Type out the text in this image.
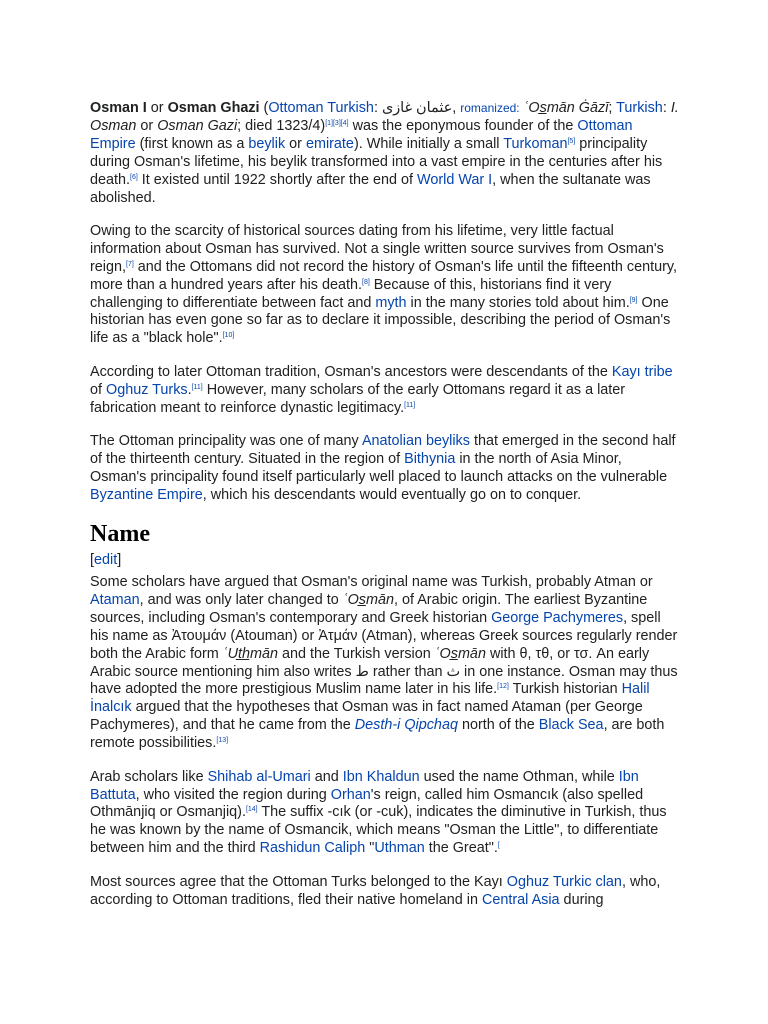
Osman I or Osman Ghazi (Ottoman Turkish: عثمان غازی, romanized: ʿOs̲mān Ġāzī; Turkish: I. Osman or Osman Gazi; died 1323/4)[1][3][4] was the eponymous founder of the Ottoman Empire (first known as a beylik or emirate). While initially a small Turkoman[5] principality during Osman's lifetime, his beylik transformed into a vast empire in the centuries after his death.[6] It existed until 1922 shortly after the end of World War I, when the sultanate was abolished.

Owing to the scarcity of historical sources dating from his lifetime, very little factual information about Osman has survived. Not a single written source survives from Osman's reign,[7] and the Ottomans did not record the history of Osman's life until the fifteenth century, more than a hundred years after his death.[8] Because of this, historians find it very challenging to differentiate between fact and myth in the many stories told about him.[9] One historian has even gone so far as to declare it impossible, describing the period of Osman's life as a "black hole".[10]

According to later Ottoman tradition, Osman's ancestors were descendants of the Kayı tribe of Oghuz Turks.[11] However, many scholars of the early Ottomans regard it as a later fabrication meant to reinforce dynastic legitimacy.[11]

The Ottoman principality was one of many Anatolian beyliks that emerged in the second half of the thirteenth century. Situated in the region of Bithynia in the north of Asia Minor, Osman's principality found itself particularly well placed to launch attacks on the vulnerable Byzantine Empire, which his descendants would eventually go on to conquer.

Name
[edit]

Some scholars have argued that Osman's original name was Turkish, probably Atman or Ataman, and was only later changed to ʿOs̲mān, of Arabic origin. The earliest Byzantine sources, including Osman's contemporary and Greek historian George Pachymeres, spell his name as Ἀτουμάν (Atouman) or Ἀτμάν (Atman), whereas Greek sources regularly render both the Arabic form ʿUt̲h̲mān and the Turkish version ʿOs̲mān with θ, τθ, or τσ. An early Arabic source mentioning him also writes ط rather than ث in one instance. Osman may thus have adopted the more prestigious Muslim name later in his life.[12] Turkish historian Halil İnalcık argued that the hypotheses that Osman was in fact named Ataman (per George Pachymeres), and that he came from the Desth-i Qipchaq north of the Black Sea, are both remote possibilities.[13]

Arab scholars like Shihab al-Umari and Ibn Khaldun used the name Othman, while Ibn Battuta, who visited the region during Orhan's reign, called him Osmancık (also spelled Othmānjiq or Osmanjiq).[14] The suffix -cık (or -cuk), indicates the diminutive in Turkish, thus he was known by the name of Osmancik, which means "Osman the Little", to differentiate between him and the third Rashidun Caliph "Uthman the Great".[

Most sources agree that the Ottoman Turks belonged to the Kayı Oghuz Turkic clan, who, according to Ottoman traditions, fled their native homeland in Central Asia during
